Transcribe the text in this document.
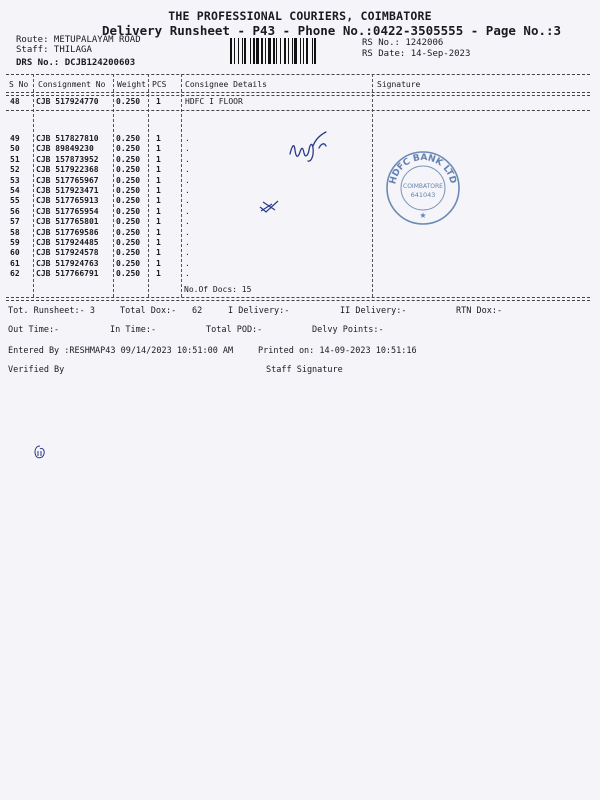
THE PROFESSIONAL COURIERS, COIMBATORE
Delivery Runsheet - P43 - Phone No.:0422-3505555 - Page No.:3
Route: METUPALAYAM ROAD
Staff: THILAGA
DRS No.: DCJB124200603
RS No.: 1242006
RS Date: 14-Sep-2023
S No Consignment No Weight PCS Consignee Details	Signature
48 CJB 517924770 0.250 1	HDFC I FLOOR
49 CJB 517827810 0.250 1	.
50 CJB 89849230	0.250 1	.
51 CJB 157873952 0.250 1	.
52 CJB 517922368 0.250 1	.
53 CJB 517765967 0.250 1	.
54 CJB 517923471 0.250 1	.
55 CJB 517765913 0.250 1	.
56 CJB 517765954 0.250 1	.
57 CJB 517765801 0.250 1	.
58 CJB 517769586 0.250 1	.
59 CJB 517924485 0.250 1	.
60 CJB 517924578 0.250 1	.
61 CJB 517924763 0.250 1	.
62 CJB 517766791 0.250 1	.
No.Of Docs: 15
Tot. Runsheet:- 3	Total Dox:- 62	I Delivery:-	II Delivery:-	RTN Dox:-
Out Time:-	In Time:-	Total POD:-	Delvy Points:-
Entered By :RESHMAP43 09/14/2023 10:51:00 AM	Printed on: 14-09-2023 10:51:16
Verified By	Staff Signature
HDFC BANK LTD
COIMBATORE
641043
★
